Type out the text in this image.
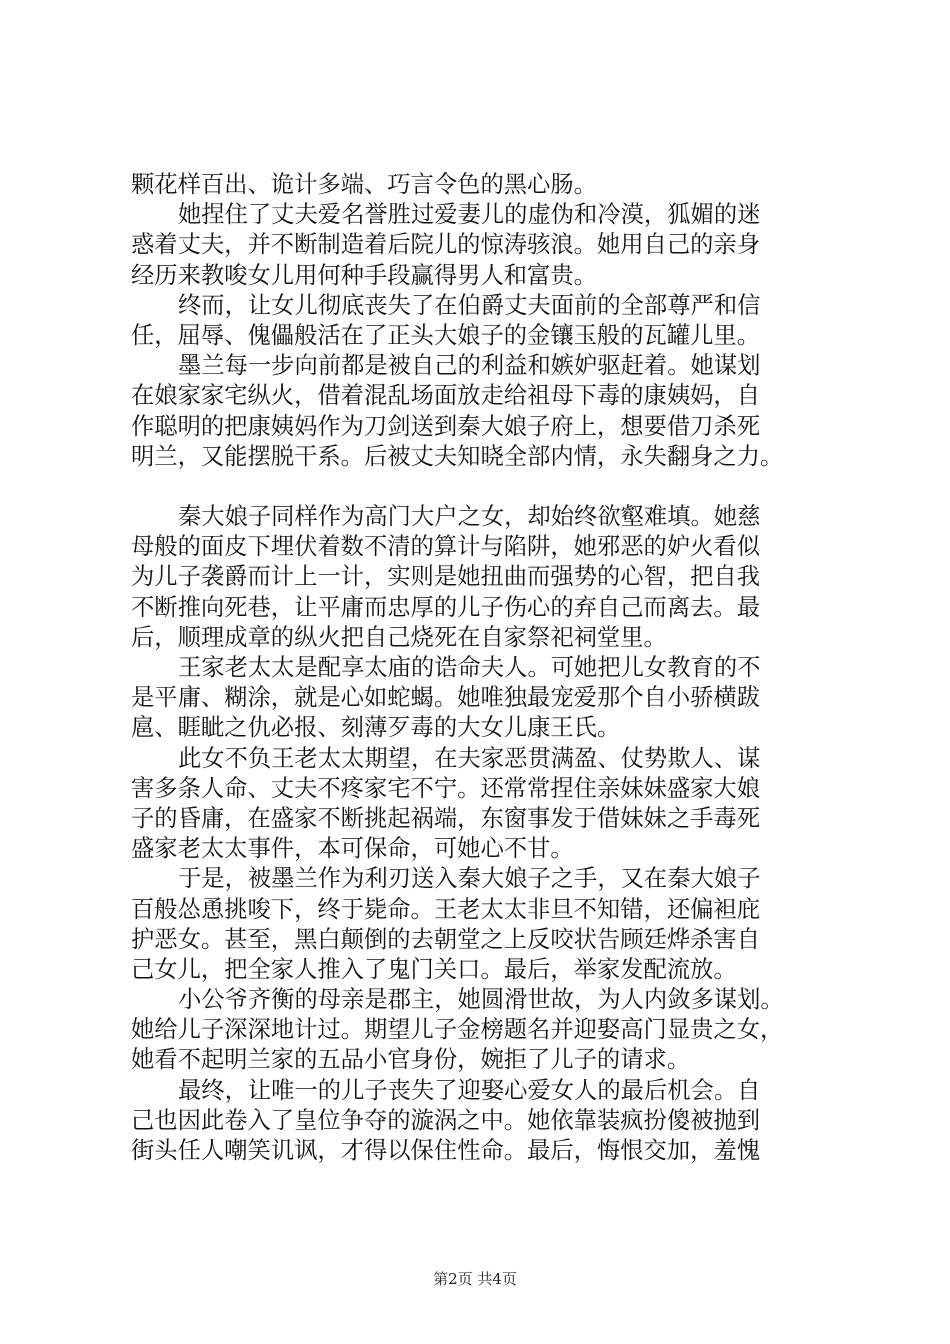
颗花样百出、诡计多端、巧言令色的黑心肠。
她捏住了丈夫爱名誉胜过爱妻儿的虚伪和冷漠，狐媚的迷
惑着丈夫，并不断制造着后院儿的惊涛骇浪。她用自己的亲身
经历来教唆女儿用何种手段赢得男人和富贵。
终而，让女儿彻底丧失了在伯爵丈夫面前的全部尊严和信
任，屈辱、傀儡般活在了正头大娘子的金镶玉般的瓦罐儿里。
墨兰每一步向前都是被自己的利益和嫉妒驱赶着。她谋划
在娘家家宅纵火，借着混乱场面放走给祖母下毒的康姨妈，自
作聪明的把康姨妈作为刀剑送到秦大娘子府上，想要借刀杀死
明兰，又能摆脱干系。后被丈夫知晓全部内情，永失翻身之力。
秦大娘子同样作为高门大户之女，却始终欲壑难填。她慈
母般的面皮下埋伏着数不清的算计与陷阱，她邪恶的妒火看似
为儿子袭爵而计上一计，实则是她扭曲而强势的心智，把自我
不断推向死巷，让平庸而忠厚的儿子伤心的弃自己而离去。最
后，顺理成章的纵火把自己烧死在自家祭祀祠堂里。
王家老太太是配享太庙的诰命夫人。可她把儿女教育的不
是平庸、糊涂，就是心如蛇蝎。她唯独最宠爱那个自小骄横跋
扈、睚眦之仇必报、刻薄歹毒的大女儿康王氏。
此女不负王老太太期望，在夫家恶贯满盈、仗势欺人、谋
害多条人命、丈夫不疼家宅不宁。还常常捏住亲妹妹盛家大娘
子的昏庸，在盛家不断挑起祸端，东窗事发于借妹妹之手毒死
盛家老太太事件，本可保命，可她心不甘。
于是，被墨兰作为利刃送入秦大娘子之手，又在秦大娘子
百般怂恿挑唆下，终于毙命。王老太太非旦不知错，还偏袒庇
护恶女。甚至，黑白颠倒的去朝堂之上反咬状告顾廷烨杀害自
己女儿，把全家人推入了鬼门关口。最后，举家发配流放。
小公爷齐衡的母亲是郡主，她圆滑世故，为人内敛多谋划。
她给儿子深深地计过。期望儿子金榜题名并迎娶高门显贵之女，
她看不起明兰家的五品小官身份，婉拒了儿子的请求。
最终，让唯一的儿子丧失了迎娶心爱女人的最后机会。自
己也因此卷入了皇位争夺的漩涡之中。她依靠装疯扮傻被抛到
街头任人嘲笑讥讽，才得以保住性命。最后，悔恨交加，羞愧
第2页 共4页
